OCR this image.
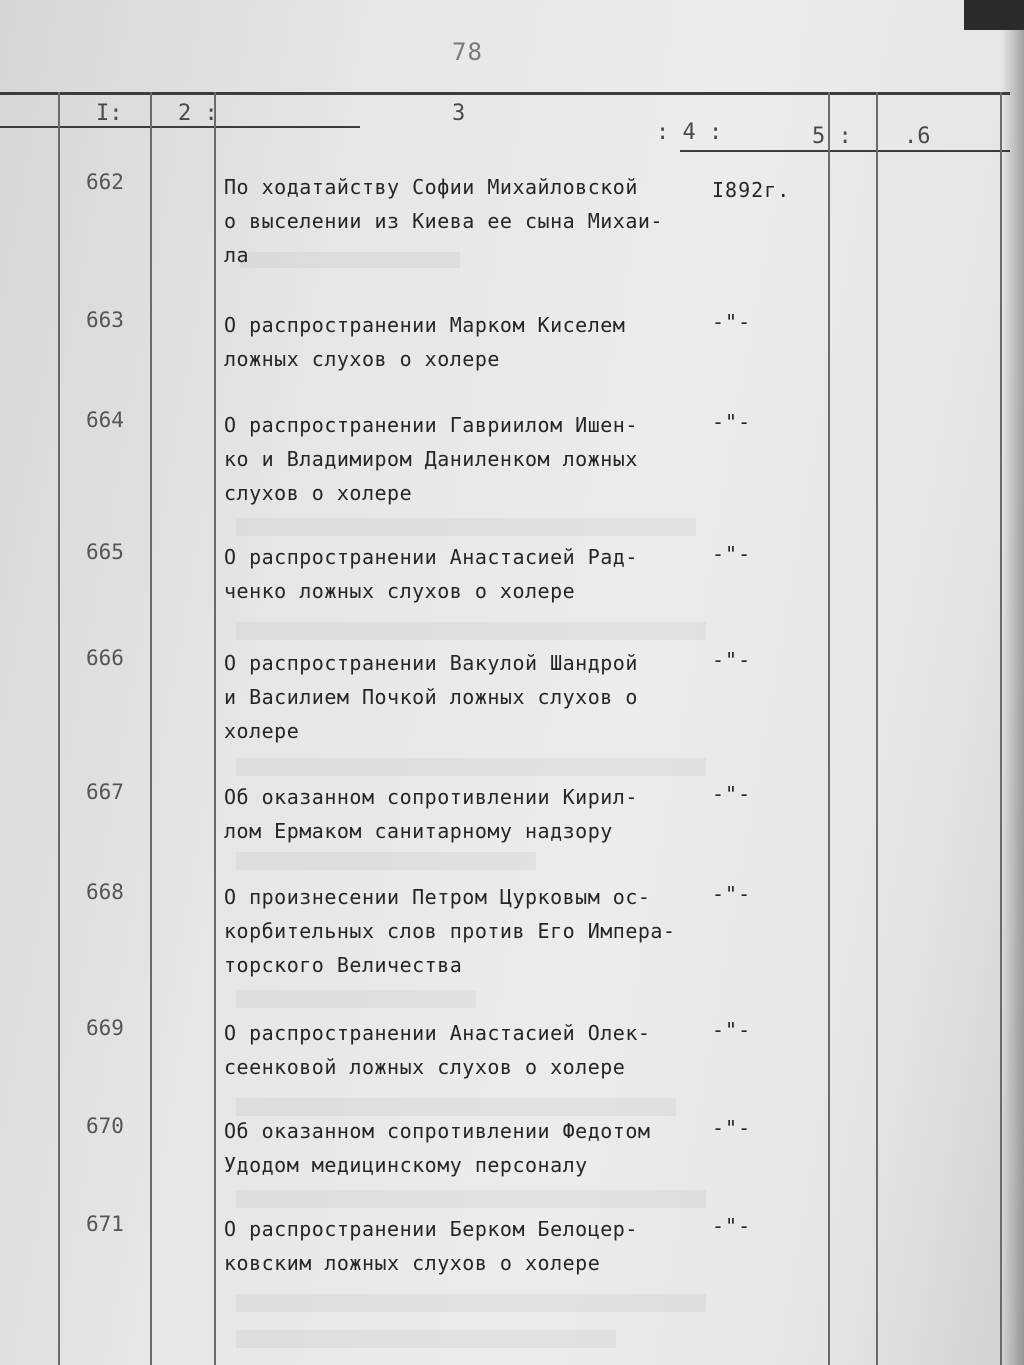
78
I:	2 :	3
: 4 :	5 : .6
662	По ходатайству Софии Михайловской
о выселении из Киева ее сына Михаи-
ла
I892г.
663	О распространении Марком Киселем
ложных слухов о холере
-"-
664	О распространении Гавриилом Ишен-
ко и Владимиром Даниленком ложных
слухов о холере
-"-
665	О распространении Анастасией Рад-
ченко ложных слухов о холере
-"-
666	О распространении Вакулой Шандрой
и Василием Почкой ложных слухов о
холере
-"-
667	Об оказанном сопротивлении Кирил-
лом Ермаком санитарному надзору
-"-
668	О произнесении Петром Цурковым ос-
корбительных слов против Его Импера-
торского Величества
-"-
669	О распространении Анастасией Олек-
сеенковой ложных слухов о холере
-"-
670	Об оказанном сопротивлении Федотом
Удодом медицинскому персоналу
-"-
671	О распространении Берком Белоцер-
ковским ложных слухов о холере
-"-
